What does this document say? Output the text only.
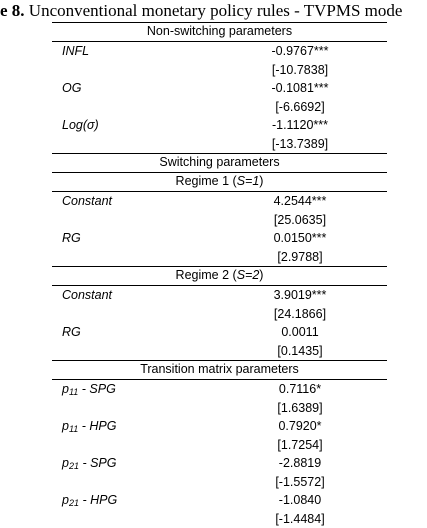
e 8. Unconventional monetary policy rules - TVPMS mode
Non-switching parameters
INFL	-0.9767***
[-10.7838]
OG	-0.1081***
[-6.6692]
Log(σ)	-1.1120***
[-13.7389]
Switching parameters
Regime 1 (S=1)
Constant	4.2544***
[25.0635]
RG	0.0150***
[2.9788]
Regime 2 (S=2)
Constant	3.9019***
[24.1866]
RG	0.0011
[0.1435]
Transition matrix parameters
$p_{11}$ - SPG	0.7116*
[1.6389]
$p_{11}$ - HPG	0.7920*
[1.7254]
$p_{21}$ - SPG	-2.8819
[-1.5572]
$p_{21}$ - HPG	-1.0840
[-1.4484]
